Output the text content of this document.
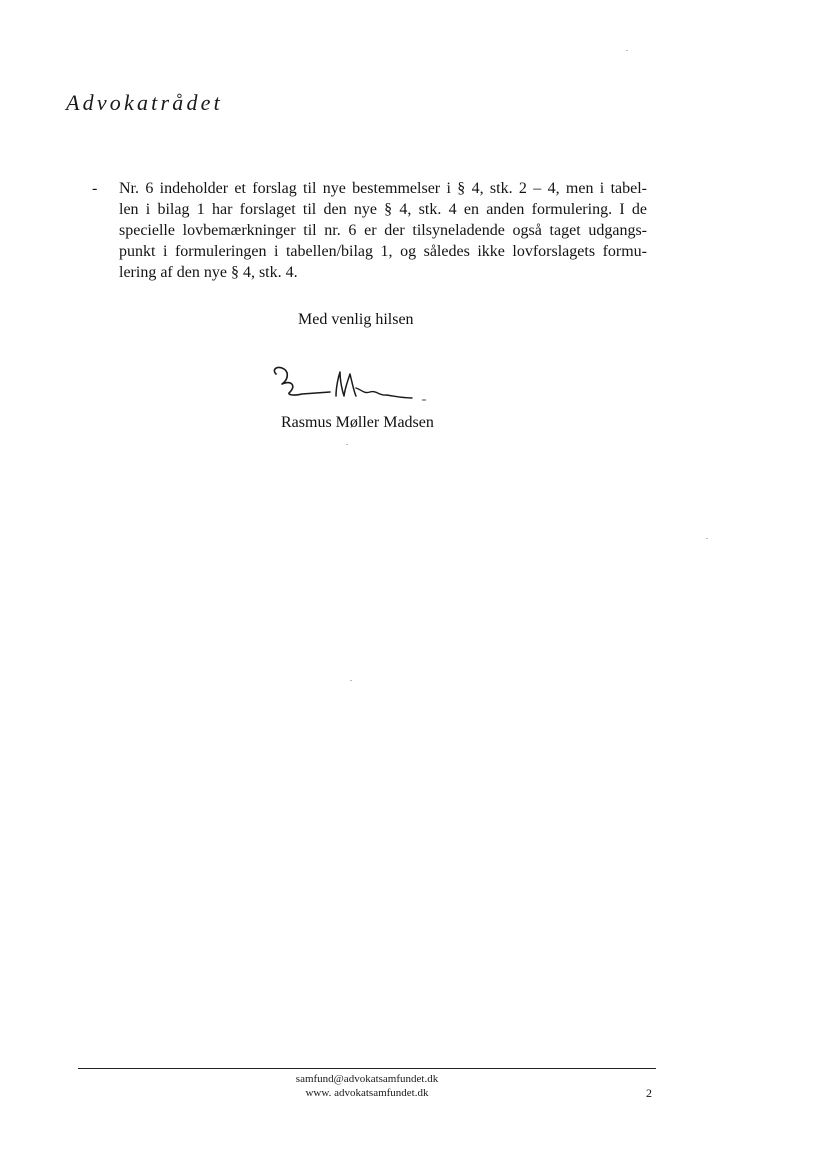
Advokatrådet
- Nr. 6 indeholder et forslag til nye bestemmelser i § 4, stk. 2 – 4, men i tabel-
len i bilag 1 har forslaget til den nye § 4, stk. 4 en anden formulering. I de
specielle lovbemærkninger til nr. 6 er der tilsyneladende også taget udgangs-
punkt i formuleringen i tabellen/bilag 1, og således ikke lovforslagets formu-
lering af den nye § 4, stk. 4.
Med venlig hilsen
Rasmus Møller Madsen
samfund@advokatsamfundet.dk
www. advokatsamfundet.dk	2
